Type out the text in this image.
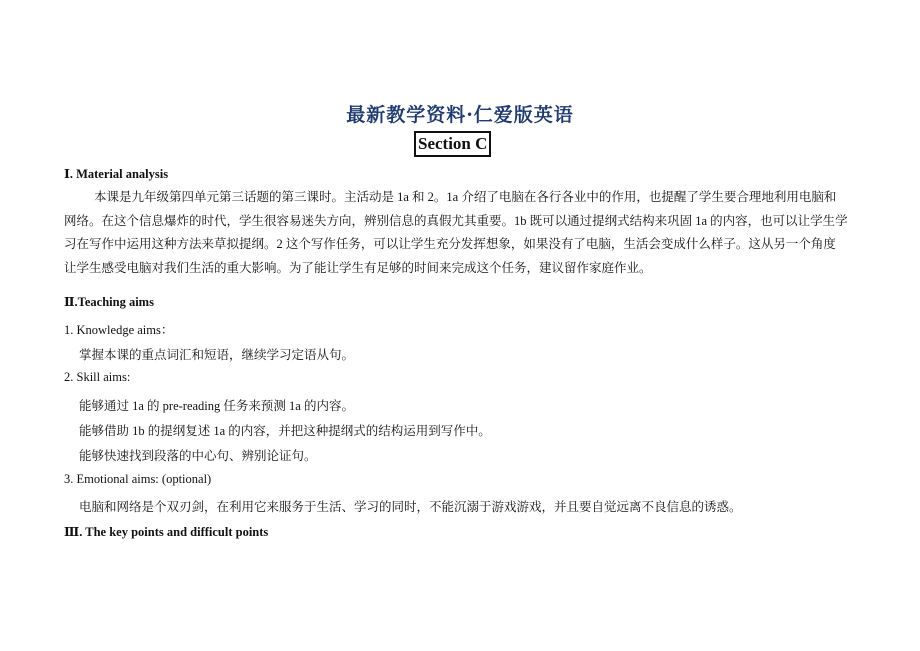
最新教学资料·仁爱版英语
Section C
Ⅰ. Material analysis
本课是九年级第四单元第三话题的第三课时。主活动是 1a 和 2。1a 介绍了电脑在各行各业中的作用，也提醒了学生要合理地利用电脑和网络。在这个信息爆炸的时代，学生很容易迷失方向，辨别信息的真假尤其重要。1b 既可以通过提纲式结构来巩固 1a 的内容，也可以让学生学习在写作中运用这种方法来草拟提纲。2 这个写作任务，可以让学生充分发挥想象，如果没有了电脑，生活会变成什么样子。这从另一个角度让学生感受电脑对我们生活的重大影响。为了能让学生有足够的时间来完成这个任务，建议留作家庭作业。
Ⅱ.Teaching aims
1. Knowledge aims：
掌握本课的重点词汇和短语，继续学习定语从句。
2. Skill aims:
能够通过 1a 的 pre-reading 任务来预测 1a 的内容。
能够借助 1b 的提纲复述 1a 的内容，并把这种提纲式的结构运用到写作中。
能够快速找到段落的中心句、辨别论证句。
3. Emotional aims: (optional)
电脑和网络是个双刃剑，在利用它来服务于生活、学习的同时，不能沉溺于游戏游戏，并且要自觉远离不良信息的诱惑。
Ⅲ. The key points and difficult points
